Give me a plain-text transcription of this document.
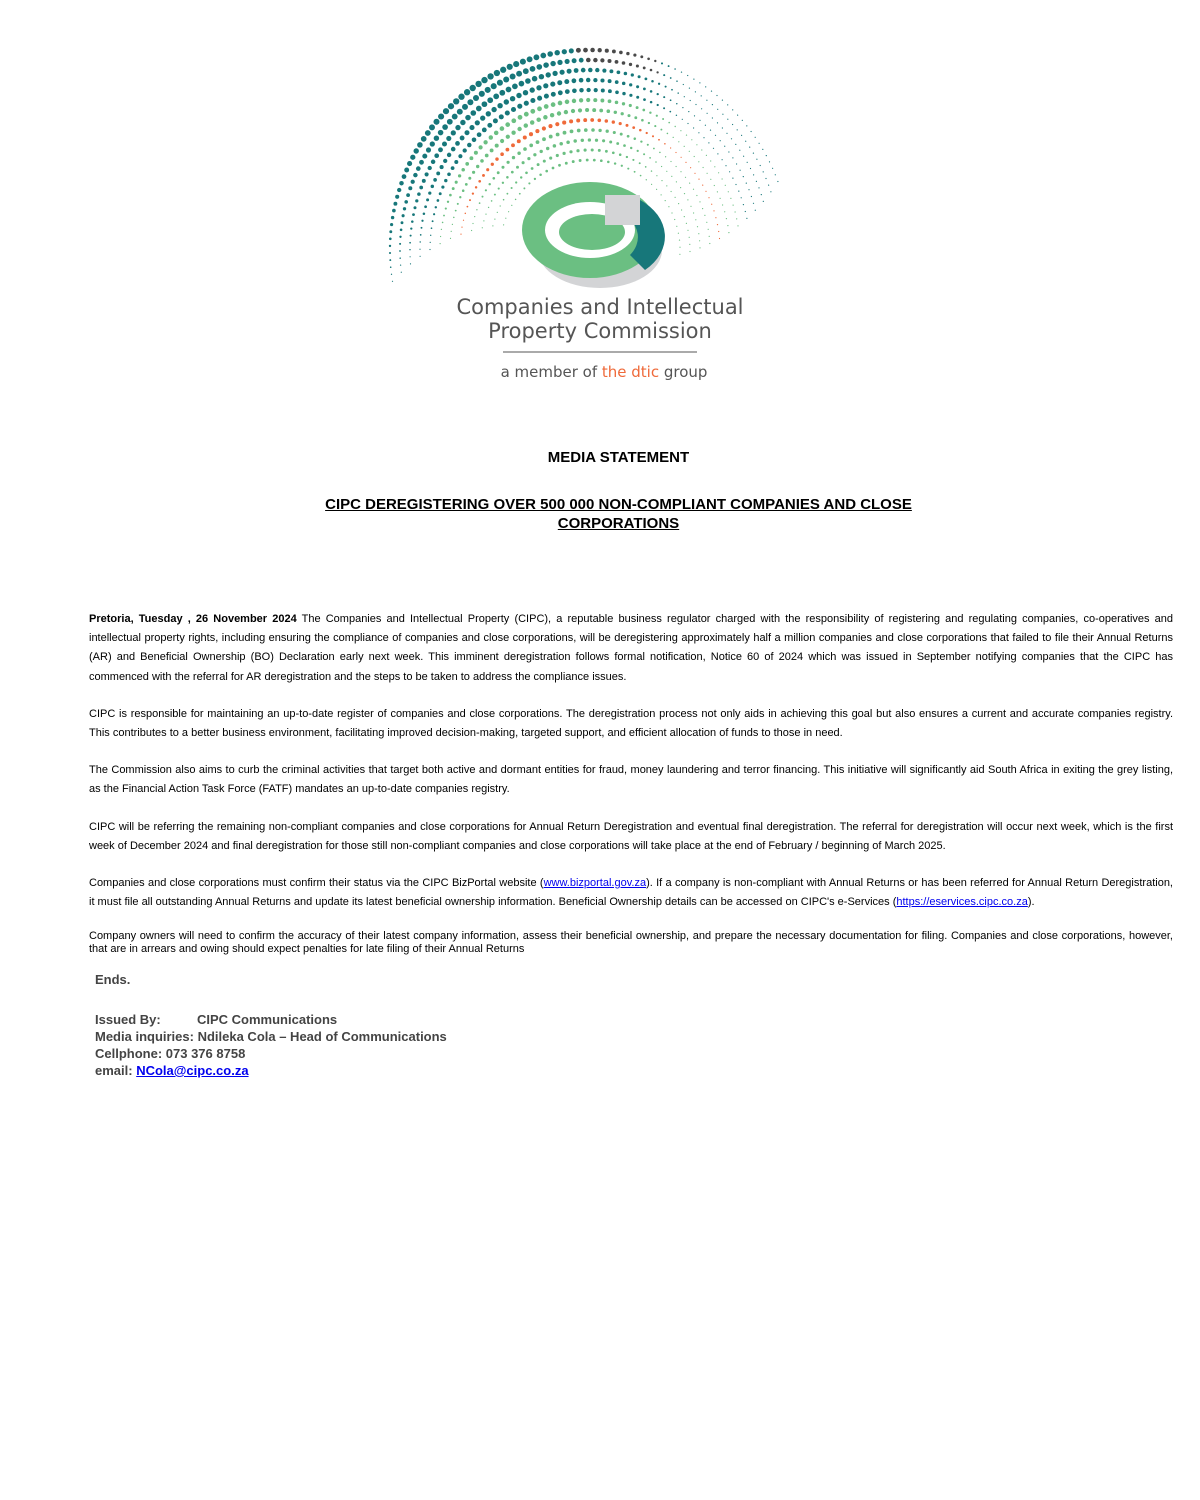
Companies and Intellectual
Property Commission
a member of the dtic group
MEDIA STATEMENT
CIPC DEREGISTERING OVER 500 000 NON-COMPLIANT COMPANIES AND CLOSE CORPORATIONS

Pretoria, Tuesday , 26 November 2024 The Companies and Intellectual Property (CIPC), a reputable business regulator charged with the responsibility of registering and regulating companies, co-operatives and intellectual property rights, including ensuring the compliance of companies and close corporations, will be deregistering approximately half a million companies and close corporations that failed to file their Annual Returns (AR) and Beneficial Ownership (BO) Declaration early next week. This imminent deregistration follows formal notification, Notice 60 of 2024 which was issued in September notifying companies that the CIPC has commenced with the referral for AR deregistration and the steps to be taken to address the compliance issues.

CIPC is responsible for maintaining an up-to-date register of companies and close corporations. The deregistration process not only aids in achieving this goal but also ensures a current and accurate companies registry. This contributes to a better business environment, facilitating improved decision-making, targeted support, and efficient allocation of funds to those in need.

The Commission also aims to curb the criminal activities that target both active and dormant entities for fraud, money laundering and terror financing. This initiative will significantly aid South Africa in exiting the grey listing, as the Financial Action Task Force (FATF) mandates an up-to-date companies registry.

CIPC will be referring the remaining non-compliant companies and close corporations for Annual Return Deregistration and eventual final deregistration. The referral for deregistration will occur next week, which is the first week of December 2024 and final deregistration for those still non-compliant companies and close corporations will take place at the end of February / beginning of March 2025.

Companies and close corporations must confirm their status via the CIPC BizPortal website (www.bizportal.gov.za). If a company is non-compliant with Annual Returns or has been referred for Annual Return Deregistration, it must file all outstanding Annual Returns and update its latest beneficial ownership information. Beneficial Ownership details can be accessed on CIPC's e-Services (https://eservices.cipc.co.za).

Company owners will need to confirm the accuracy of their latest company information, assess their beneficial ownership, and prepare the necessary documentation for filing. Companies and close corporations, however, that are in arrears and owing should expect penalties for late filing of their Annual Returns

Ends.
Issued By:	CIPC Communications
Media inquiries: Ndileka Cola – Head of Communications
Cellphone: 073 376 8758
email: NCola@cipc.co.za
